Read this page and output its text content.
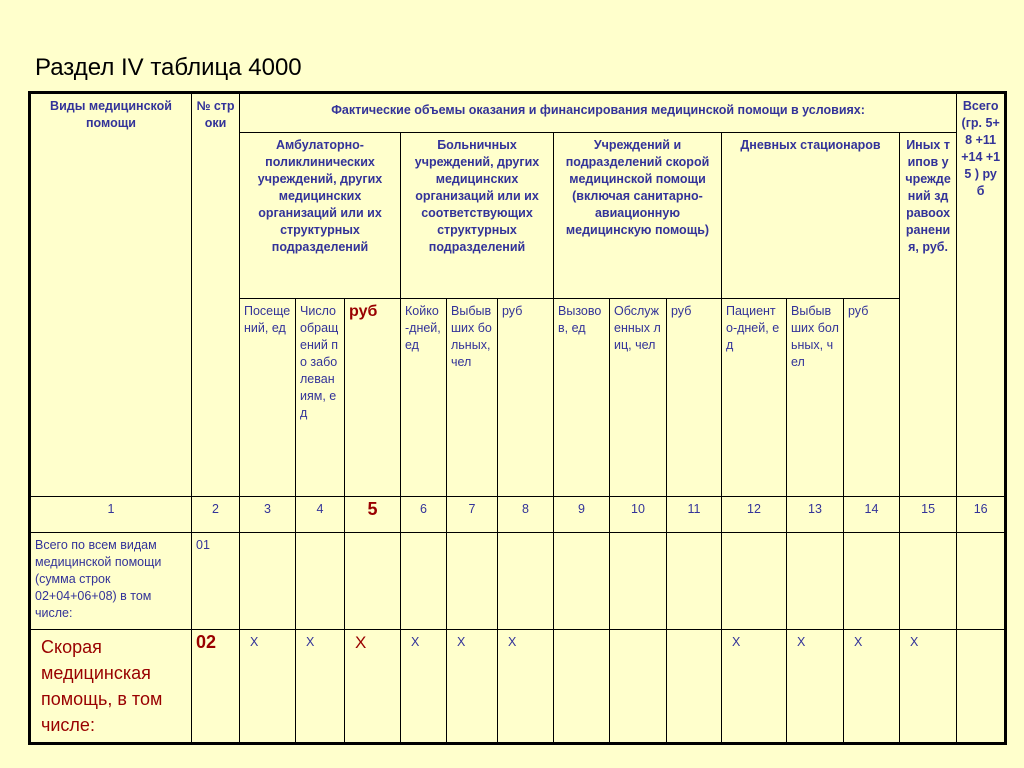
Раздел IV таблица 4000
Виды медицинской помощи	№ строки	Фактические объемы оказания и финансирования медицинской помощи в условиях:													Всего (гр. 5+8 +11 +14 +15 ) руб
		Амбулаторно-поликлинических учреждений, других медицинских организаций или их структурных подразделений			Больничных учреждений, других медицинских организаций или их соответствующих структурных подразделений			Учреждений и подразделений скорой медицинской помощи (включая санитарно-авиационную медицинскую помощь)			Дневных стационаров			Иных типов учреждений здравоохранения, руб.	
		Посещений, ед	Число обращений по заболеваниям, ед	руб	Койко-дней, ед	Выбывших больных, чел	руб	Вызовов, ед	Обслуженных лиц, чел	руб	Пациенто-дней, ед	Выбывших больных, чел	руб		
1	2	3	4	5	6	7	8	9	10	11	12	13	14	15	16
Всего по всем видам медицинской помощи (сумма строк 02+04+06+08) в том числе:	01														
Скорая медицинская помощь, в том числе:	02	Х	Х	Х	Х	Х	Х				Х	Х	Х	Х	
